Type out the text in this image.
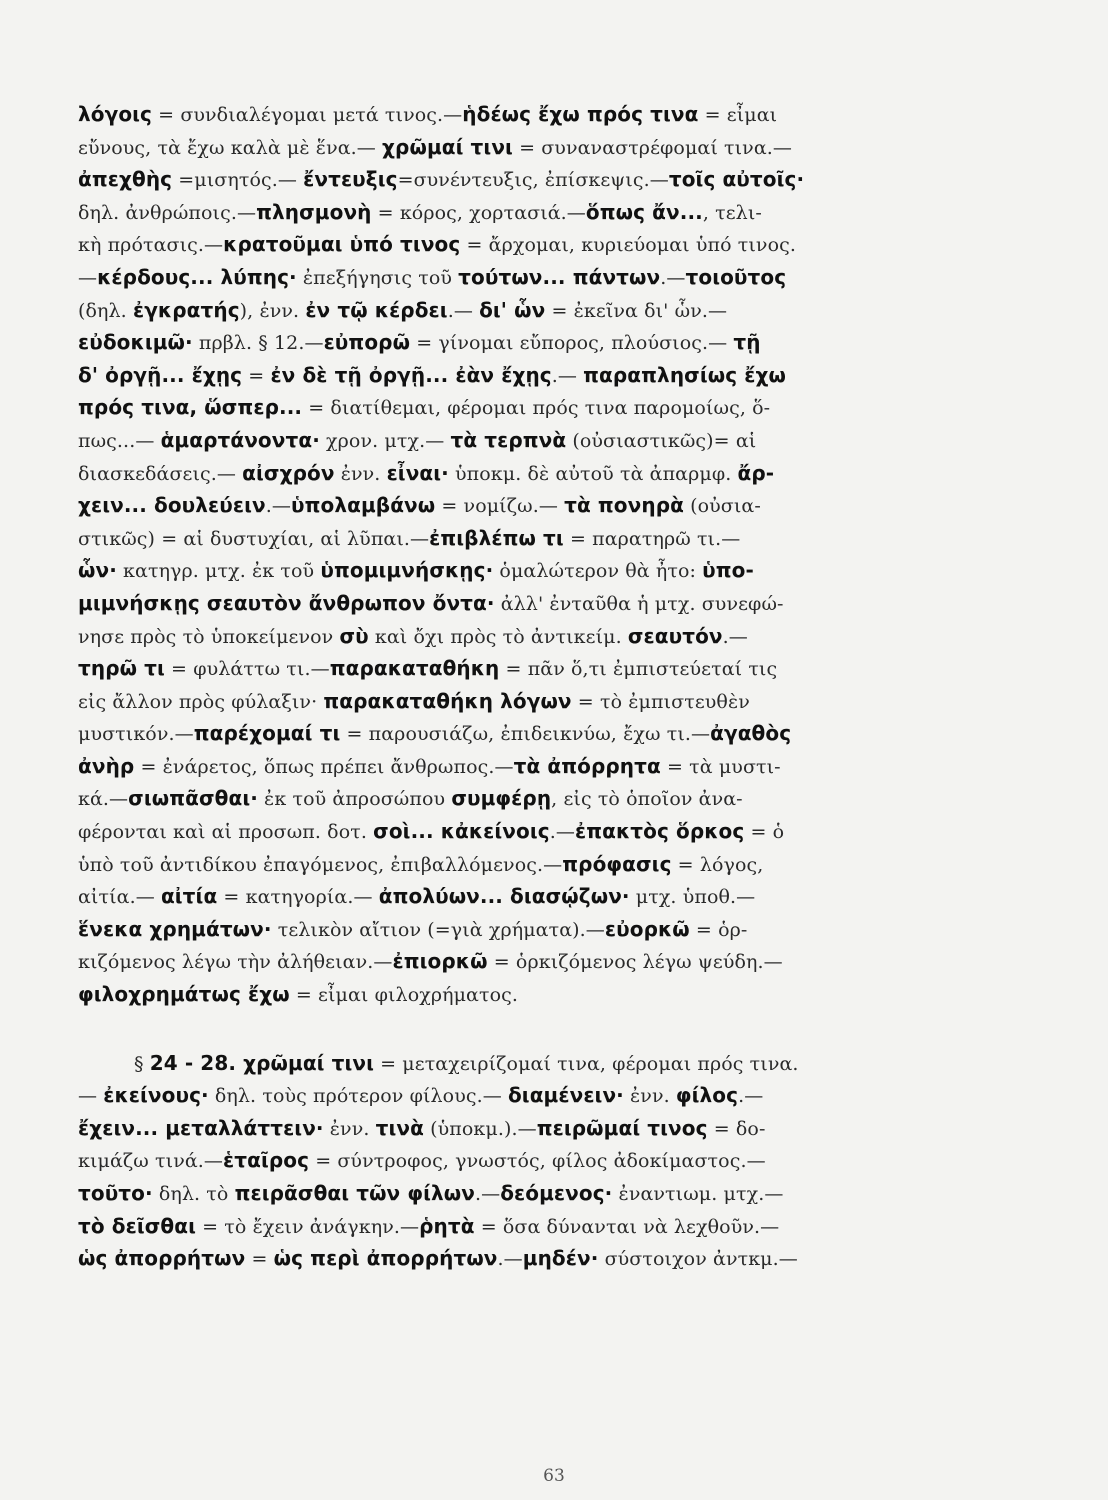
λόγοις = συνδιαλέγομαι μετά τινος.—ἡδέως ἔχω πρός τινα = εἶμαι
εὔνους, τὰ ἔχω καλὰ μὲ ἕνα.— χρῶμαί τινι = συναναστρέφομαί τινα.—
ἀπεχθὴς =μισητός.— ἔντευξις=συνέντευξις, ἐπίσκεψις.—τοῖς αὐτοῖς·
δηλ. ἀνθρώποις.—πλησμονὴ = κόρος, χορτασιά.—ὅπως ἄν..., τελι-
κὴ πρότασις.—κρατοῦμαι ὑπό τινος = ἄρχομαι, κυριεύομαι ὑπό τινος.
—κέρδους... λύπης· ἐπεξήγησις τοῦ τούτων... πάντων.—τοιοῦτος
(δηλ. ἐγκρατής), ἐνν. ἐν τῷ κέρδει.— δι' ὧν = ἐκεῖνα δι' ὧν.—
εὐδοκιμῶ· πρβλ. § 12.—εὐπορῶ = γίνομαι εὔπορος, πλούσιος.— τῇ
δ' ὀργῇ... ἔχῃς = ἐν δὲ τῇ ὀργῇ... ἐὰν ἔχῃς.— παραπλησίως ἔχω
πρός τινα, ὥσπερ... = διατίθεμαι, φέρομαι πρός τινα παρομοίως, ὅ-
πως...— ἁμαρτάνοντα· χρον. μτχ.— τὰ τερπνὰ (οὐσιαστικῶς)= αἱ
διασκεδάσεις.— αἰσχρόν ἐνν. εἶναι· ὑποκμ. δὲ αὐτοῦ τὰ ἀπαρμφ. ἄρ-
χειν... δουλεύειν.—ὑπολαμβάνω = νομίζω.— τὰ πονηρὰ (οὐσια-
στικῶς) = αἱ δυστυχίαι, αἱ λῦπαι.—ἐπιβλέπω τι = παρατηρῶ τι.—
ὧν· κατηγρ. μτχ. ἐκ τοῦ ὑπομιμνήσκῃς· ὁμαλώτερον θὰ ἦτο: ὑπο-
μιμνήσκῃς σεαυτὸν ἄνθρωπον ὄντα· ἀλλ' ἐνταῦθα ἡ μτχ. συνεφώ-
νησε πρὸς τὸ ὑποκείμενον σὺ καὶ ὄχι πρὸς τὸ ἀντικείμ. σεαυτόν.—
τηρῶ τι = φυλάττω τι.—παρακαταθήκη = πᾶν ὅ,τι ἐμπιστεύεταί τις
εἰς ἄλλον πρὸς φύλαξιν· παρακαταθήκη λόγων = τὸ ἐμπιστευθὲν
μυστικόν.—παρέχομαί τι = παρουσιάζω, ἐπιδεικνύω, ἔχω τι.—ἀγαθὸς
ἀνὴρ = ἐνάρετος, ὅπως πρέπει ἄνθρωπος.—τὰ ἀπόρρητα = τὰ μυστι-
κά.—σιωπᾶσθαι· ἐκ τοῦ ἀπροσώπου συμφέρῃ, εἰς τὸ ὁποῖον ἀνα-
φέρονται καὶ αἱ προσωπ. δοτ. σοὶ... κἀκείνοις.—ἐπακτὸς ὅρκος = ὁ
ὑπὸ τοῦ ἀντιδίκου ἐπαγόμενος, ἐπιβαλλόμενος.—πρόφασις = λόγος,
αἰτία.— αἰτία = κατηγορία.— ἀπολύων... διασῴζων· μτχ. ὑποθ.—
ἕνεκα χρημάτων· τελικὸν αἴτιον (=γιὰ χρήματα).—εὐορκῶ = ὁρ-
κιζόμενος λέγω τὴν ἀλήθειαν.—ἐπιορκῶ = ὁρκιζόμενος λέγω ψεύδη.—
φιλοχρημάτως ἔχω = εἶμαι φιλοχρήματος.
§ 24 - 28. χρῶμαί τινι = μεταχειρίζομαί τινα, φέρομαι πρός τινα.
— ἐκείνους· δηλ. τοὺς πρότερον φίλους.— διαμένειν· ἐνν. φίλος.—
ἔχειν... μεταλλάττειν· ἐνν. τινὰ (ὑποκμ.).—πειρῶμαί τινος = δο-
κιμάζω τινά.—ἑταῖρος = σύντροφος, γνωστός, φίλος ἀδοκίμαστος.—
τοῦτο· δηλ. τὸ πειρᾶσθαι τῶν φίλων.—δεόμενος· ἐναντιωμ. μτχ.—
τὸ δεῖσθαι = τὸ ἔχειν ἀνάγκην.—ῥητὰ = ὅσα δύνανται νὰ λεχθοῦν.—
ὡς ἀπορρήτων = ὡς περὶ ἀπορρήτων.—μηδέν· σύστοιχον ἀντκμ.—
63
